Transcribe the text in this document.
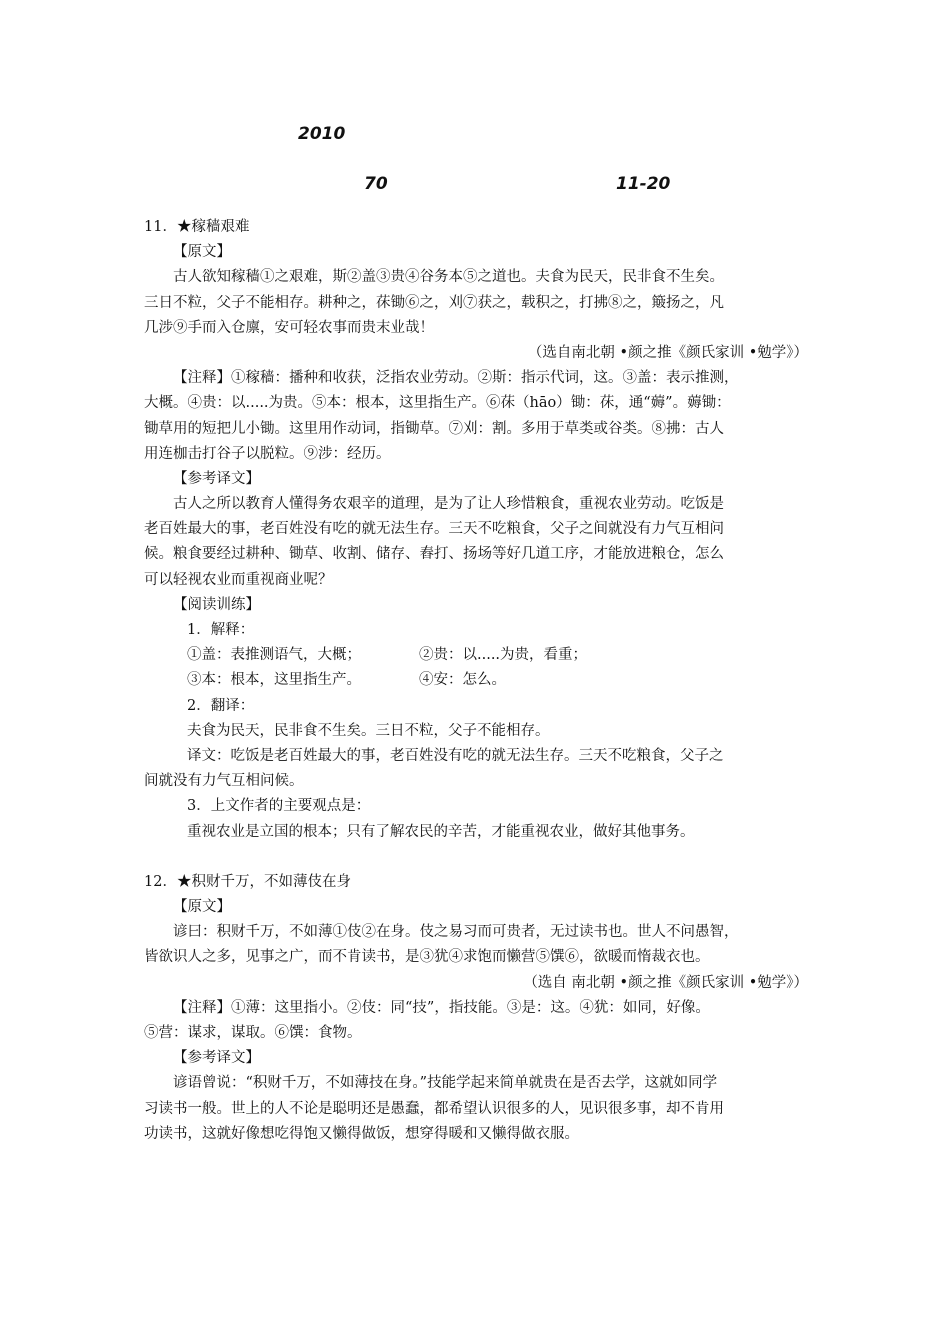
2010
70	11-20
11．★稼穑艰难
【原文】
古人欲知稼穑①之艰难，斯②盖③贵④谷务本⑤之道也。夫食为民天，民非食不生矣。
三日不粒，父子不能相存。耕种之，茠锄⑥之，刈⑦获之，载积之，打拂⑧之，簸扬之，凡
几涉⑨手而入仓廪，安可轻农事而贵末业哉！
（选自南北朝 •颜之推《颜氏家训 •勉学》）
【注释】①稼穑：播种和收获，泛指农业劳动。②斯：指示代词，这。③盖：表示推测，
大概。④贵：以.....为贵。⑤本：根本，这里指生产。⑥茠（hāo）锄：茠，通“薅”。薅锄：
锄草用的短把儿小锄。这里用作动词，指锄草。⑦刈：割。多用于草类或谷类。⑧拂：古人
用连枷击打谷子以脱粒。⑨涉：经历。
【参考译文】
古人之所以教育人懂得务农艰辛的道理，是为了让人珍惜粮食，重视农业劳动。吃饭是
老百姓最大的事，老百姓没有吃的就无法生存。三天不吃粮食，父子之间就没有力气互相问
候。粮食要经过耕种、锄草、收割、储存、舂打、扬场等好几道工序，才能放进粮仓，怎么
可以轻视农业而重视商业呢？
【阅读训练】
1．解释：
①盖：表推测语气，大概；	②贵：以.....为贵，看重；
③本：根本，这里指生产。	④安：怎么。
2．翻译：
夫食为民天，民非食不生矣。三日不粒，父子不能相存。
译文：吃饭是老百姓最大的事，老百姓没有吃的就无法生存。三天不吃粮食，父子之
间就没有力气互相问候。
3．上文作者的主要观点是：
重视农业是立国的根本；只有了解农民的辛苦，才能重视农业，做好其他事务。
12．★积财千万，不如薄伎在身
【原文】
谚曰：积财千万，不如薄①伎②在身。伎之易习而可贵者，无过读书也。世人不问愚智，
皆欲识人之多，见事之广，而不肯读书，是③犹④求饱而懒营⑤馔⑥，欲暖而惰裁衣也。
（选自 南北朝 •颜之推《颜氏家训 •勉学》）
【注释】①薄：这里指小。②伎：同“技”，指技能。③是：这。④犹：如同，好像。
⑤营：谋求，谋取。⑥馔：食物。
【参考译文】
谚语曾说：“积财千万，不如薄技在身。”技能学起来简单就贵在是否去学，这就如同学
习读书一般。世上的人不论是聪明还是愚蠢，都希望认识很多的人，见识很多事，却不肯用
功读书，这就好像想吃得饱又懒得做饭，想穿得暖和又懒得做衣服。
